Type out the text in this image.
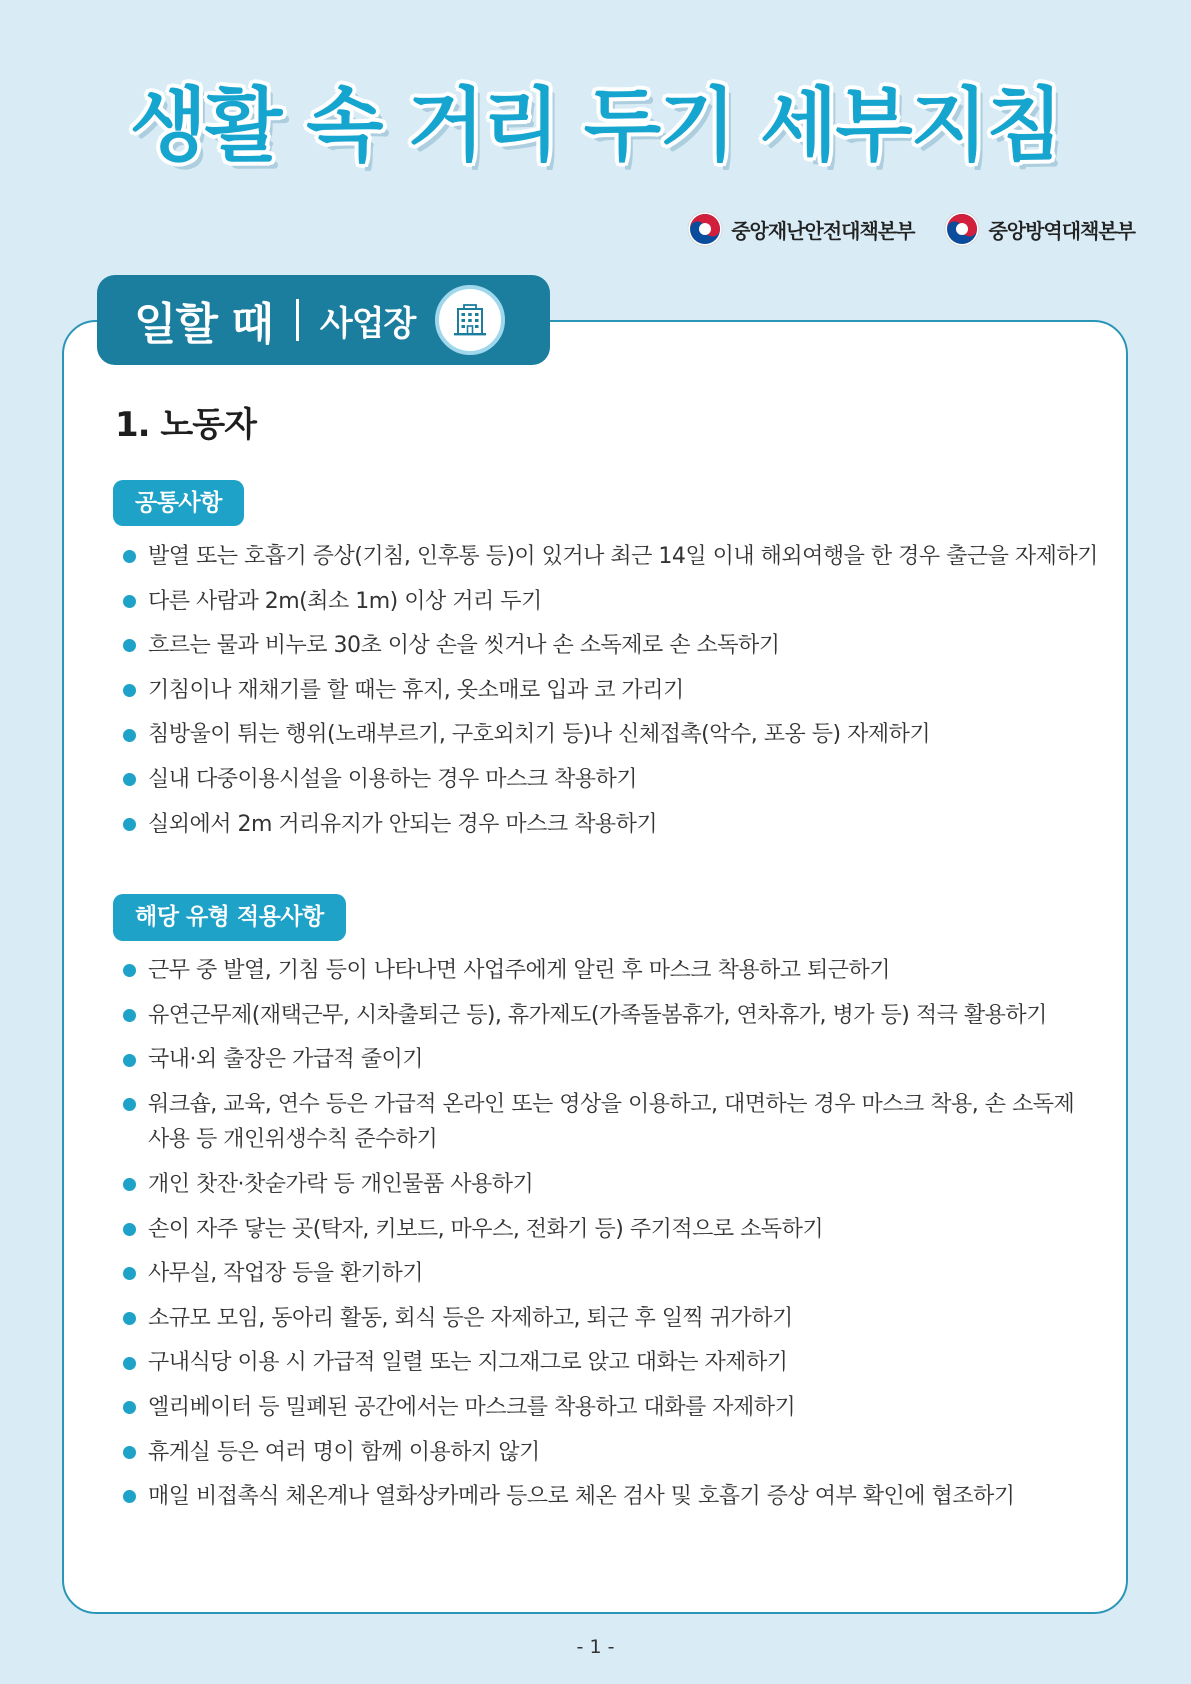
생활 속 거리 두기 세부지침
중앙재난안전대책본부	중앙방역대책본부
1. 노동자
공통사항
발열 또는 호흡기 증상(기침, 인후통 등)이 있거나 최근 14일 이내 해외여행을 한 경우 출근을 자제하기
다른 사람과 2m(최소 1m) 이상 거리 두기
흐르는 물과 비누로 30초 이상 손을 씻거나 손 소독제로 손 소독하기
기침이나 재채기를 할 때는 휴지, 옷소매로 입과 코 가리기
침방울이 튀는 행위(노래부르기, 구호외치기 등)나 신체접촉(악수, 포옹 등) 자제하기
실내 다중이용시설을 이용하는 경우 마스크 착용하기
실외에서 2m 거리유지가 안되는 경우 마스크 착용하기
해당 유형 적용사항
근무 중 발열, 기침 등이 나타나면 사업주에게 알린 후 마스크 착용하고 퇴근하기
유연근무제(재택근무, 시차출퇴근 등), 휴가제도(가족돌봄휴가, 연차휴가, 병가 등) 적극 활용하기
국내·외 출장은 가급적 줄이기
워크숍, 교육, 연수 등은 가급적 온라인 또는 영상을 이용하고, 대면하는 경우 마스크 착용, 손 소독제 사용 등 개인위생수칙 준수하기
개인 찻잔·찻숟가락 등 개인물품 사용하기
손이 자주 닿는 곳(탁자, 키보드, 마우스, 전화기 등) 주기적으로 소독하기
사무실, 작업장 등을 환기하기
소규모 모임, 동아리 활동, 회식 등은 자제하고, 퇴근 후 일찍 귀가하기
구내식당 이용 시 가급적 일렬 또는 지그재그로 앉고 대화는 자제하기
엘리베이터 등 밀폐된 공간에서는 마스크를 착용하고 대화를 자제하기
휴게실 등은 여러 명이 함께 이용하지 않기
매일 비접촉식 체온계나 열화상카메라 등으로 체온 검사 및 호흡기 증상 여부 확인에 협조하기
일할 때 사업장
- 1 -
